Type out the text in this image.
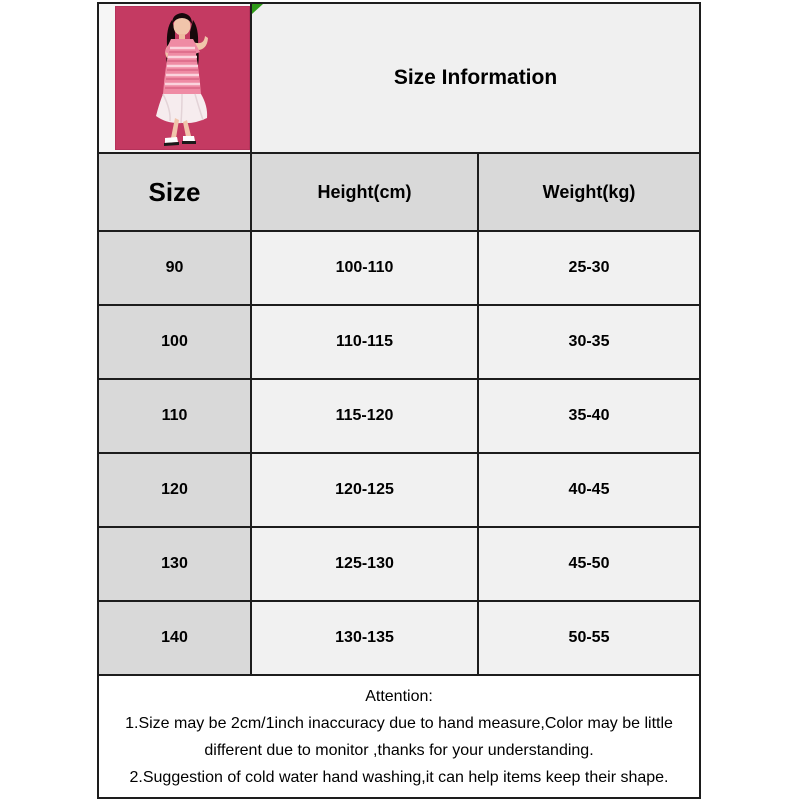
Size Information	
Size	Height(cm)	Weight(kg)
90	100-110	25-30
100	110-115	30-35
110	115-120	35-40
120	120-125	40-45
130	125-130	45-50
140	130-135	50-55

Attention:
1.Size may be 2cm/1inch inaccuracy due to hand measure,Color may be little
different due to monitor ,thanks for your understanding.
2.Suggestion of cold water hand washing,it can help items keep their shape.		
